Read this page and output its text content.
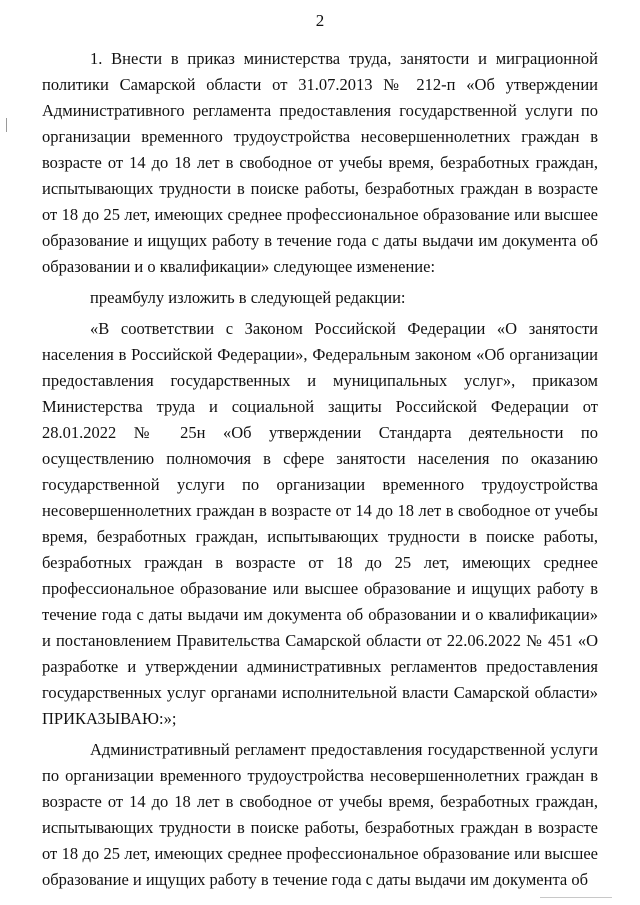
2

1. Внести в приказ министерства труда, занятости и миграционной политики Самарской области от 31.07.2013 № 212-п «Об утверждении Административного регламента предоставления государственной услуги по организации временного трудоустройства несовершеннолетних граждан в возрасте от 14 до 18 лет в свободное от учебы время, безработных граждан, испытывающих трудности в поиске работы, безработных граждан в возрасте от 18 до 25 лет, имеющих среднее профессиональное образование или высшее образование и ищущих работу в течение года с даты выдачи им документа об образовании и о квалификации» следующее изменение:

преамбулу изложить в следующей редакции:

«В соответствии с Законом Российской Федерации «О занятости населения в Российской Федерации», Федеральным законом «Об организации предоставления государственных и муниципальных услуг», приказом Министерства труда и социальной защиты Российской Федерации от 28.01.2022 № 25н «Об утверждении Стандарта деятельности по осуществлению полномочия в сфере занятости населения по оказанию государственной услуги по организации временного трудоустройства несовершеннолетних граждан в возрасте от 14 до 18 лет в свободное от учебы время, безработных граждан, испытывающих трудности в поиске работы, безработных граждан в возрасте от 18 до 25 лет, имеющих среднее профессиональное образование или высшее образование и ищущих работу в течение года с даты выдачи им документа об образовании и о квалификации» и постановлением Правительства Самарской области от 22.06.2022 № 451 «О разработке и утверждении административных регламентов предоставления государственных услуг органами исполнительной власти Самарской области» ПРИКАЗЫВАЮ:»;

Административный регламент предоставления государственной услуги по организации временного трудоустройства несовершеннолетних граждан в возрасте от 14 до 18 лет в свободное от учебы время, безработных граждан, испытывающих трудности в поиске работы, безработных граждан в возрасте от 18 до 25 лет, имеющих среднее профессиональное образование или высшее образование и ищущих работу в течение года с даты выдачи им документа об
